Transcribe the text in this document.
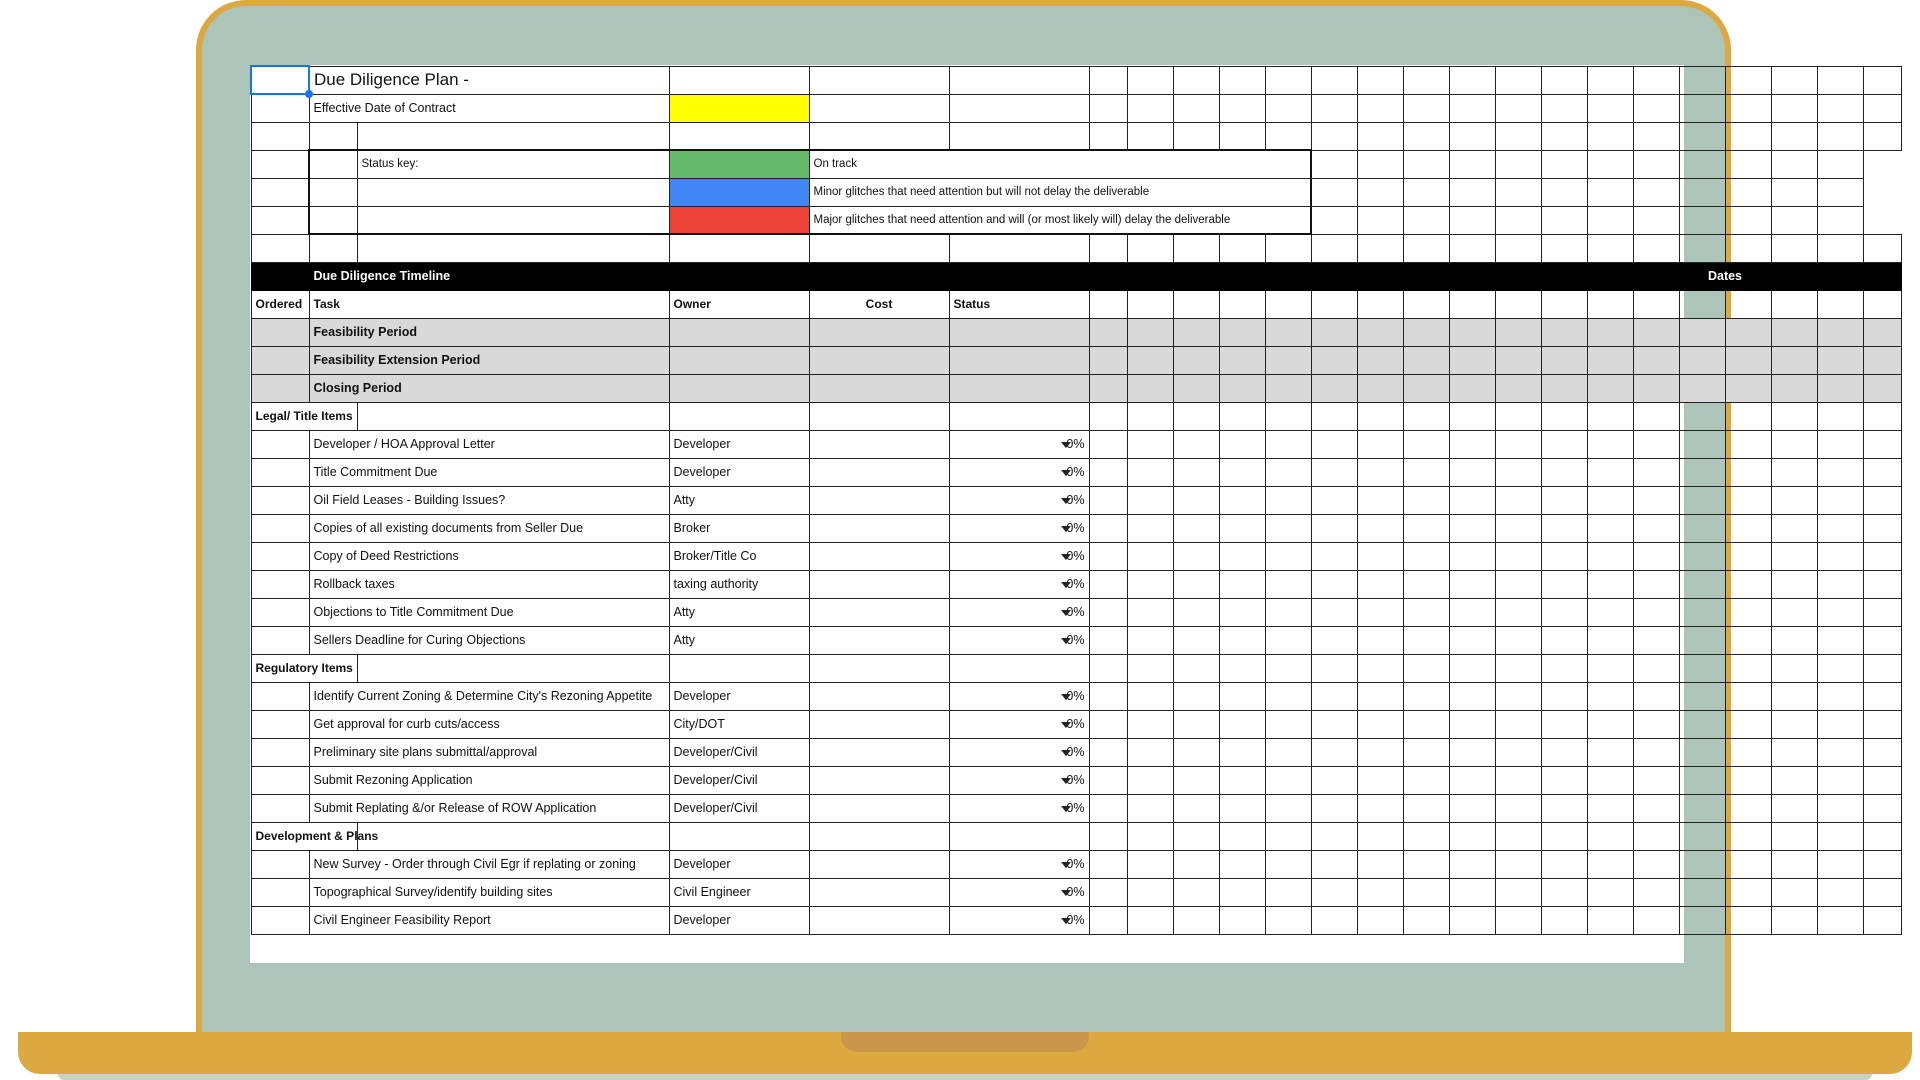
	Due Diligence Plan -																						
	Effective Date of Contract																						

		Status key:		On track																			
				Minor glitches that need attention but will not delay the deliverable																			
				Major glitches that need attention and will (or most likely will) delay the deliverable																			

	Due Diligence Timeline																		Dates				
Ordered	Task		Owner	Cost	Status																		
	Feasibility Period																						
	Feasibility Extension Period																						
	Closing Period																						
Legal/ Title Items																							
	Developer / HOA Approval Letter		Developer		0%

	Title Commitment Due		Developer		0%

	Oil Field Leases - Building Issues?		Atty		0%

	Copies of all existing documents from Seller Due		Broker		0%

	Copy of Deed Restrictions		Broker/Title Co		0%

	Rollback taxes		taxing authority		0%

	Objections to Title Commitment Due		Atty		0%

	Sellers Deadline for Curing Objections		Atty		0%

Regulatory Items																							
	Identify Current Zoning & Determine City's Rezoning Appetite		Developer		0%

	Get approval for curb cuts/access		City/DOT		0%

	Preliminary site plans submittal/approval		Developer/Civil		0%

	Submit Rezoning Application		Developer/Civil		0%

	Submit Replating &/or Release of ROW Application		Developer/Civil		0%

Development & Plans																							
	New Survey - Order through Civil Egr if replating or zoning		Developer		0%

	Topographical Survey/identify building sites		Civil Engineer		0%

	Civil Engineer Feasibility Report		Developer		0%
